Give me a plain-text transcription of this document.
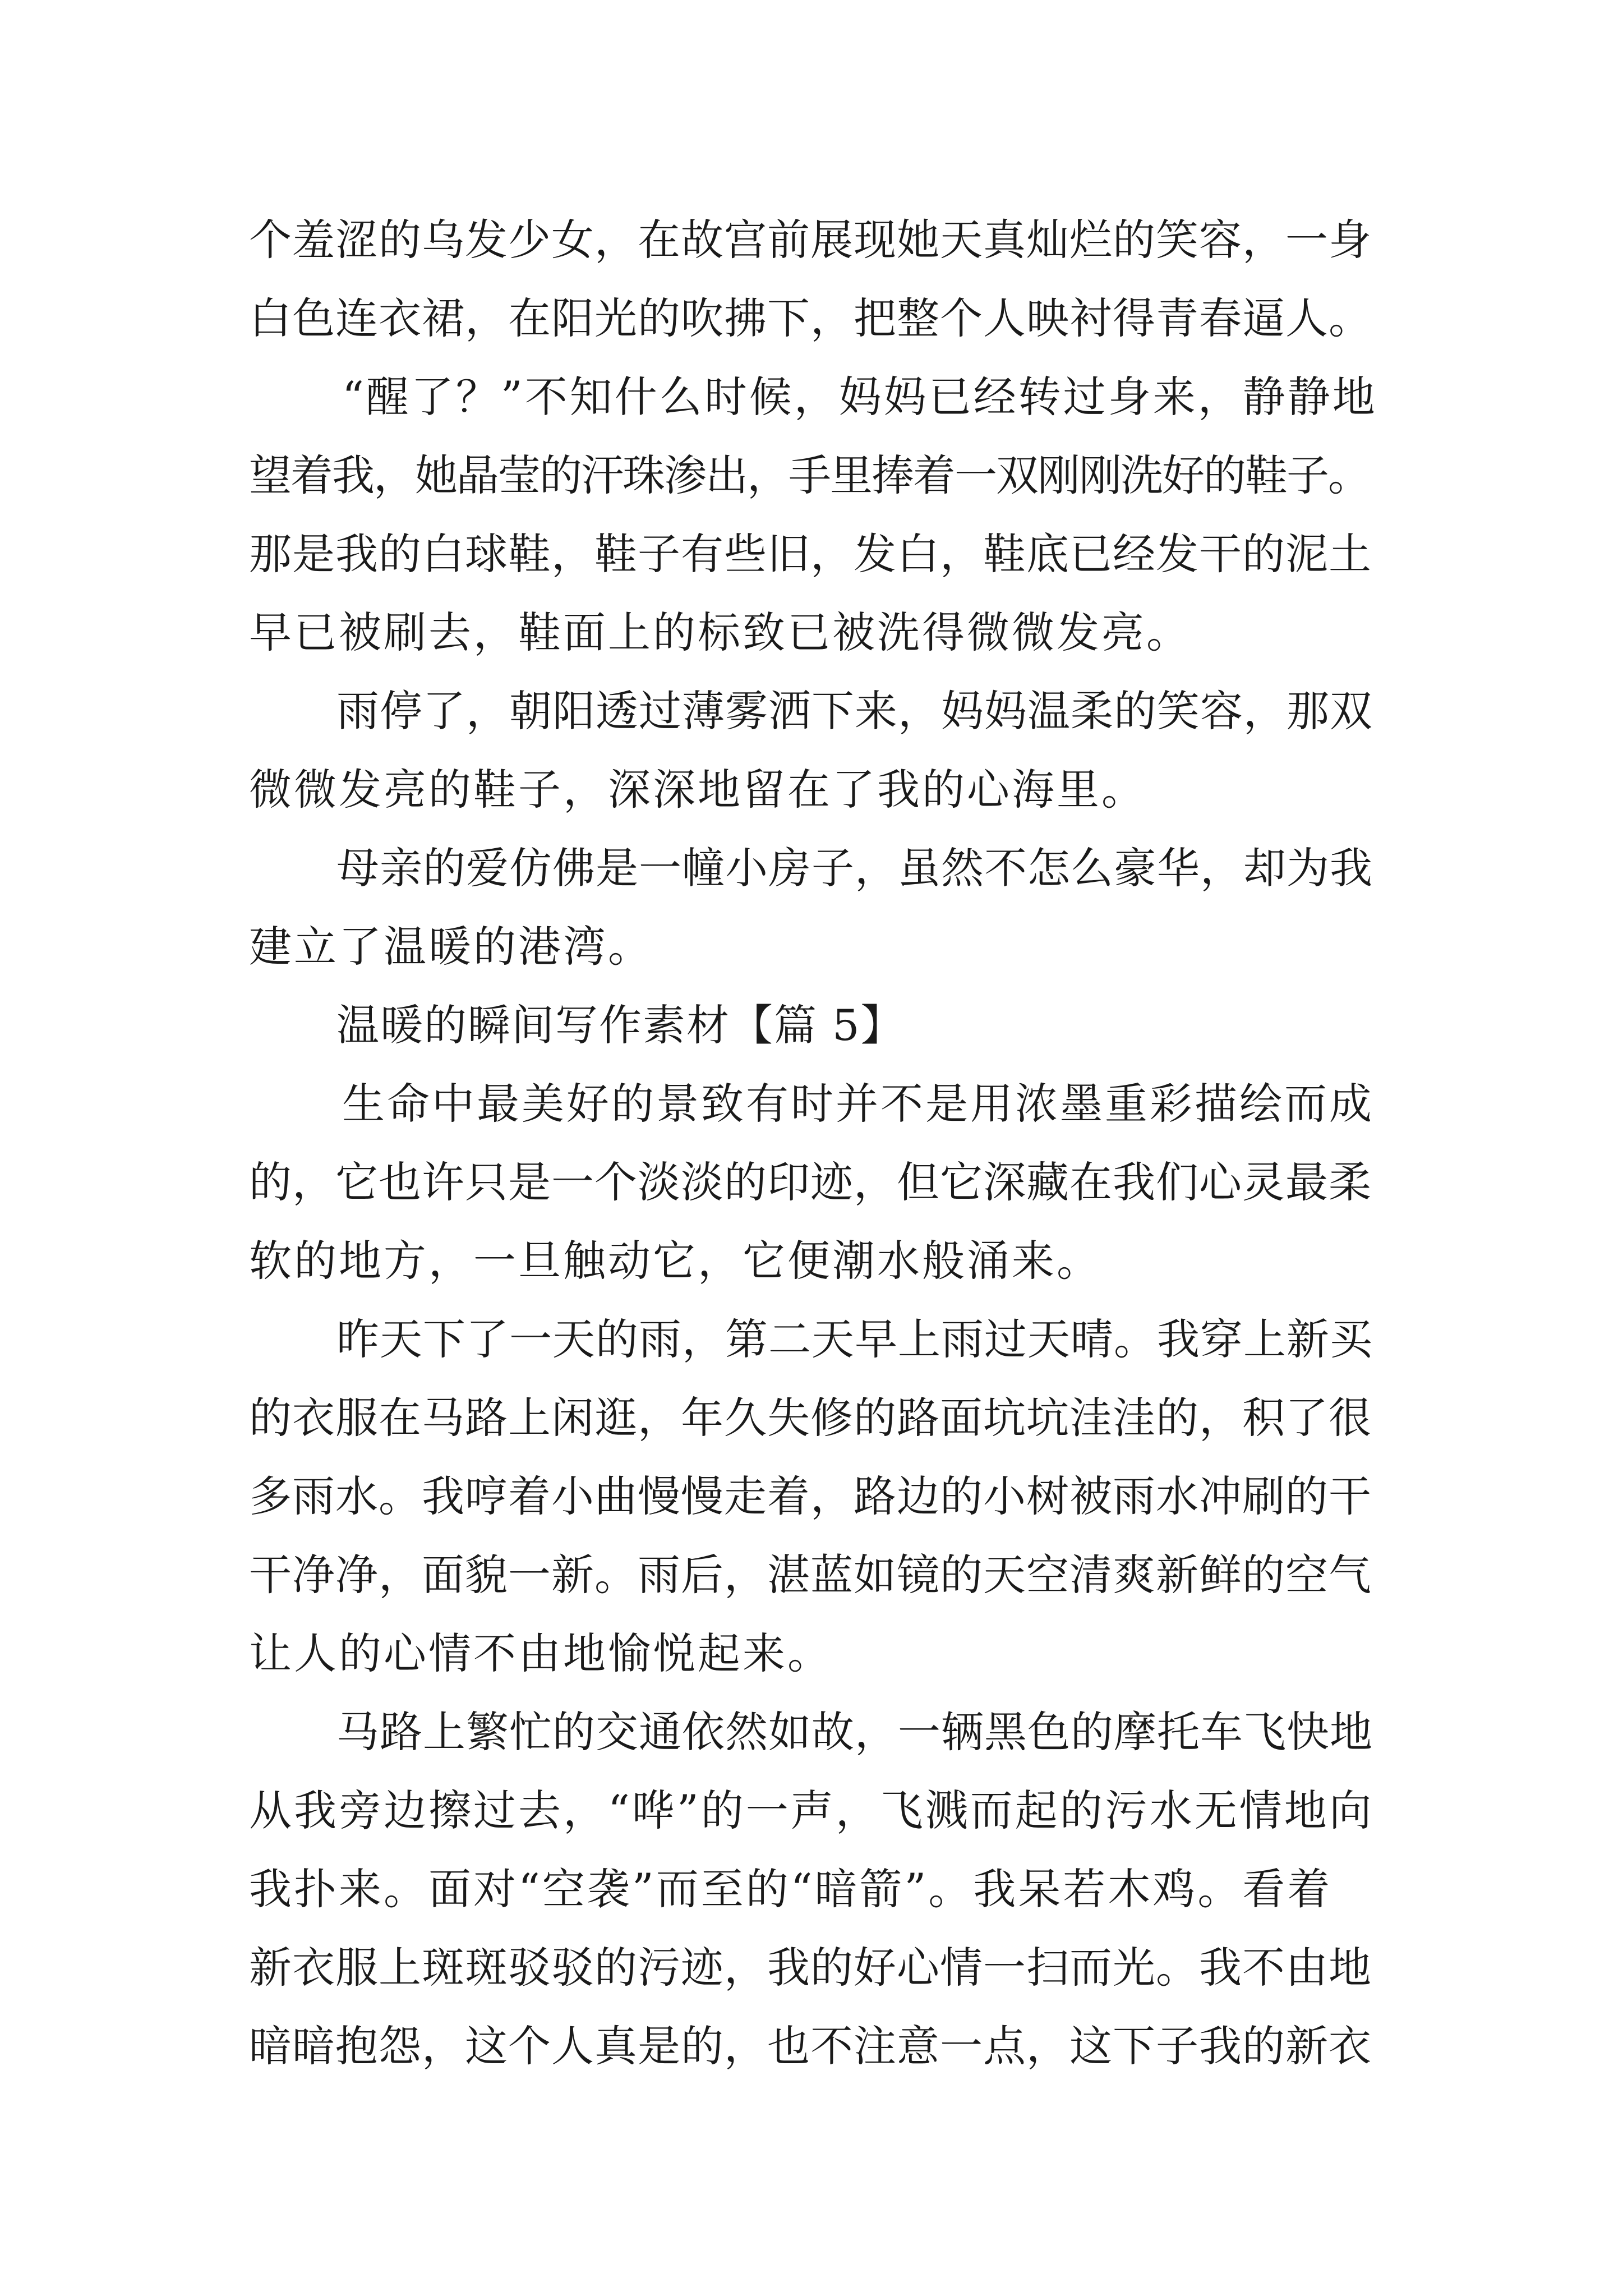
个羞涩的乌发少女，在故宫前展现她天真灿烂的笑容，一身

白色连衣裙，在阳光的吹拂下，把整个人映衬得青春逼人。

“醒了？”不知什么时候，妈妈已经转过身来，静静地

望着我，她晶莹的汗珠渗出，手里捧着一双刚刚洗好的鞋子。

那是我的白球鞋，鞋子有些旧，发白，鞋底已经发干的泥土

早已被刷去，鞋面上的标致已被洗得微微发亮。

雨停了，朝阳透过薄雾洒下来，妈妈温柔的笑容，那双

微微发亮的鞋子，深深地留在了我的心海里。

母亲的爱仿佛是一幢小房子，虽然不怎么豪华，却为我

建立了温暖的港湾。

温暖的瞬间写作素材【篇 5】

生命中最美好的景致有时并不是用浓墨重彩描绘而成

的，它也许只是一个淡淡的印迹，但它深藏在我们心灵最柔

软的地方，一旦触动它，它便潮水般涌来。

昨天下了一天的雨，第二天早上雨过天晴。我穿上新买

的衣服在马路上闲逛，年久失修的路面坑坑洼洼的，积了很

多雨水。我哼着小曲慢慢走着，路边的小树被雨水冲刷的干

干净净，面貌一新。雨后，湛蓝如镜的天空清爽新鲜的空气

让人的心情不由地愉悦起来。

马路上繁忙的交通依然如故，一辆黑色的摩托车飞快地

从我旁边擦过去，“哗”的一声，飞溅而起的污水无情地向

我扑来。面对“空袭”而至的“暗箭”。我呆若木鸡。看着

新衣服上斑斑驳驳的污迹，我的好心情一扫而光。我不由地

暗暗抱怨，这个人真是的，也不注意一点，这下子我的新衣
